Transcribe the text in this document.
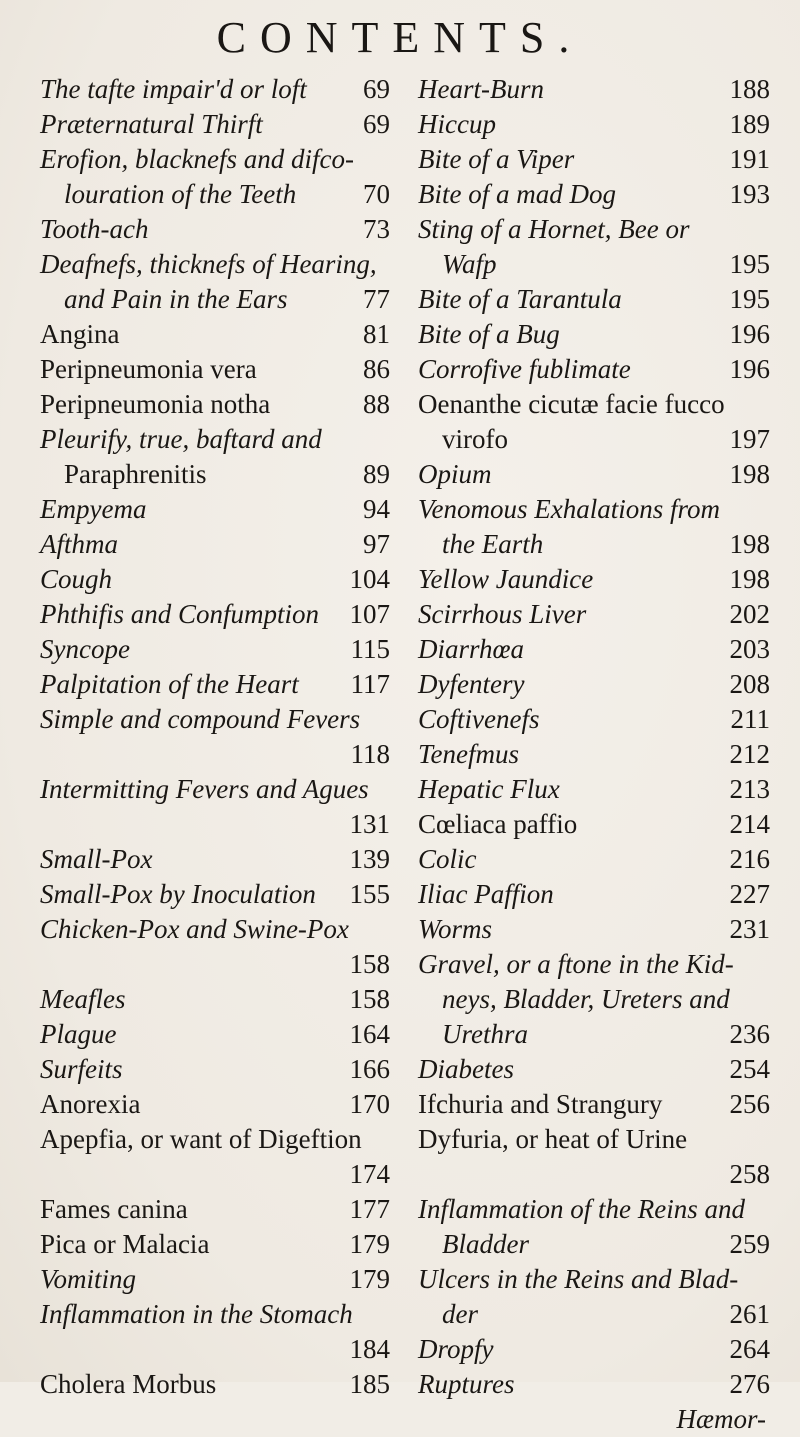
CONTENTS.
The tafte impair'd or loft 69
Præternatural Thirft	69
Erofion, blacknefs and difco-
louration of the Teeth 70
Tooth-ach	73
Deafnefs, thicknefs of Hearing,
and Pain in the Ears	77
Angina	81
Peripneumonia vera	86
Peripneumonia notha	88
Pleurify, true, baftard and
Paraphrenitis	89
Empyema	94
Afthma	97
Cough	104
Phthifis and Confumption 107
Syncope	115
Palpitation of the Heart 117
Simple and compound Fevers
118
Intermitting Fevers and Agues
131
Small-Pox	139
Small-Pox by Inoculation 155
Chicken-Pox and Swine-Pox
158
Meafles	158
Plague	164
Surfeits	166
Anorexia	170
Apepfia, or want of Digeftion
174
Fames canina	177
Pica or Malacia	179
Vomiting	179
Inflammation in the Stomach
184
Cholera Morbus	185
Heart-Burn	188
Hiccup	189
Bite of a Viper	191
Bite of a mad Dog	193
Sting of a Hornet, Bee or
Wafp	195
Bite of a Tarantula	195
Bite of a Bug	196
Corrofive fublimate	196
Oenanthe cicutæ facie fucco
virofo	197
Opium	198
Venomous Exhalations from
the Earth	198
Yellow Jaundice	198
Scirrhous Liver	202
Diarrhœa	203
Dyfentery	208
Coftivenefs	211
Tenefmus	212
Hepatic Flux	213
Cœliaca paffio	214
Colic	216
Iliac Paffion	227
Worms	231
Gravel, or a ftone in the Kid-
neys, Bladder, Ureters and
Urethra	236
Diabetes	254
Ifchuria and Strangury 256
Dyfuria, or heat of Urine
258
Inflammation of the Reins and
Bladder	259
Ulcers in the Reins and Blad-
der	261
Dropfy	264
Ruptures	276
Hæmor-
